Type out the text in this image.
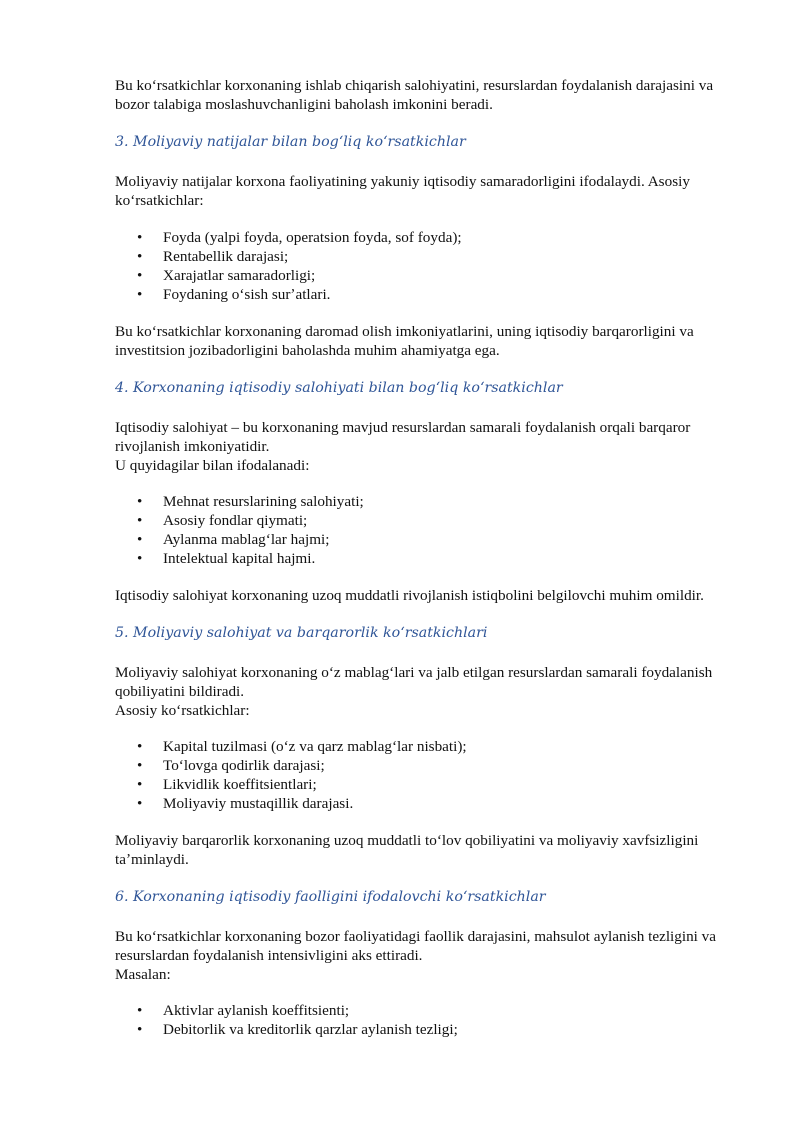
Bu koʻrsatkichlar korxonaning ishlab chiqarish salohiyatini, resurslardan foydalanish darajasini va bozor talabiga moslashuvchanligini baholash imkonini beradi.

3. Moliyaviy natijalar bilan bogʻliq koʻrsatkichlar

Moliyaviy natijalar korxona faoliyatining yakuniy iqtisodiy samaradorligini ifodalaydi. Asosiy koʻrsatkichlar:

• Foyda (yalpi foyda, operatsion foyda, sof foyda);
• Rentabellik darajasi;
• Xarajatlar samaradorligi;
• Foydaning oʻsish surʼatlari.

Bu koʻrsatkichlar korxonaning daromad olish imkoniyatlarini, uning iqtisodiy barqarorligini va investitsion jozibadorligini baholashda muhim ahamiyatga ega.

4. Korxonaning iqtisodiy salohiyati bilan bogʻliq koʻrsatkichlar

Iqtisodiy salohiyat – bu korxonaning mavjud resurslardan samarali foydalanish orqali barqaror rivojlanish imkoniyatidir.

U quyidagilar bilan ifodalanadi:

• Mehnat resurslarining salohiyati;
• Asosiy fondlar qiymati;
• Aylanma mablagʻlar hajmi;
• Intelektual kapital hajmi.

Iqtisodiy salohiyat korxonaning uzoq muddatli rivojlanish istiqbolini belgilovchi muhim omildir.

5. Moliyaviy salohiyat va barqarorlik koʻrsatkichlari

Moliyaviy salohiyat korxonaning oʻz mablagʻlari va jalb etilgan resurslardan samarali foydalanish qobiliyatini bildiradi.

Asosiy koʻrsatkichlar:

• Kapital tuzilmasi (oʻz va qarz mablagʻlar nisbati);
• Toʻlovga qodirlik darajasi;
• Likvidlik koeffitsientlari;
• Moliyaviy mustaqillik darajasi.

Moliyaviy barqarorlik korxonaning uzoq muddatli toʻlov qobiliyatini va moliyaviy xavfsizligini taʼminlaydi.

6. Korxonaning iqtisodiy faolligini ifodalovchi koʻrsatkichlar

Bu koʻrsatkichlar korxonaning bozor faoliyatidagi faollik darajasini, mahsulot aylanish tezligini va resurslardan foydalanish intensivligini aks ettiradi.

Masalan:

• Aktivlar aylanish koeffitsienti;
• Debitorlik va kreditorlik qarzlar aylanish tezligi;
